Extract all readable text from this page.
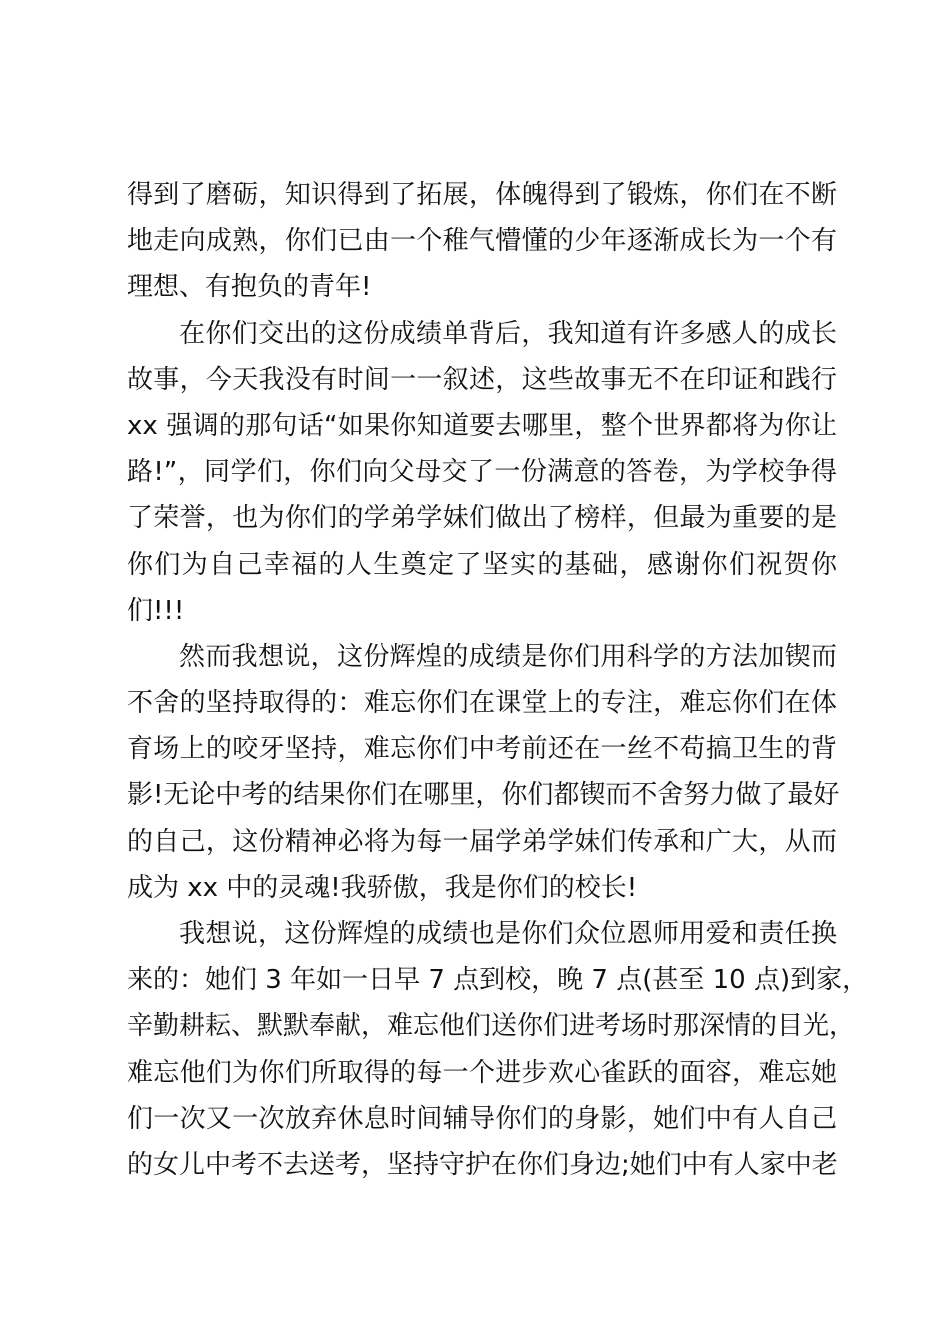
得到了磨砺，知识得到了拓展，体魄得到了锻炼，你们在不断
地走向成熟，你们已由一个稚气懵懂的少年逐渐成长为一个有
理想、有抱负的青年!
在你们交出的这份成绩单背后，我知道有许多感人的成长
故事，今天我没有时间一一叙述，这些故事无不在印证和践行
xx 强调的那句话“如果你知道要去哪里，整个世界都将为你让
路!”，同学们，你们向父母交了一份满意的答卷，为学校争得
了荣誉，也为你们的学弟学妹们做出了榜样，但最为重要的是
你们为自己幸福的人生奠定了坚实的基础，感谢你们祝贺你
们!!!
然而我想说，这份辉煌的成绩是你们用科学的方法加锲而
不舍的坚持取得的：难忘你们在课堂上的专注，难忘你们在体
育场上的咬牙坚持，难忘你们中考前还在一丝不苟搞卫生的背
影!无论中考的结果你们在哪里，你们都锲而不舍努力做了最好
的自己，这份精神必将为每一届学弟学妹们传承和广大，从而
成为 xx 中的灵魂!我骄傲，我是你们的校长!
我想说，这份辉煌的成绩也是你们众位恩师用爱和责任换
来的：她们 3 年如一日早 7 点到校，晚 7 点(甚至 10 点)到家，
辛勤耕耘、默默奉献，难忘他们送你们进考场时那深情的目光，
难忘他们为你们所取得的每一个进步欢心雀跃的面容，难忘她
们一次又一次放弃休息时间辅导你们的身影，她们中有人自己
的女儿中考不去送考，坚持守护在你们身边;她们中有人家中老
